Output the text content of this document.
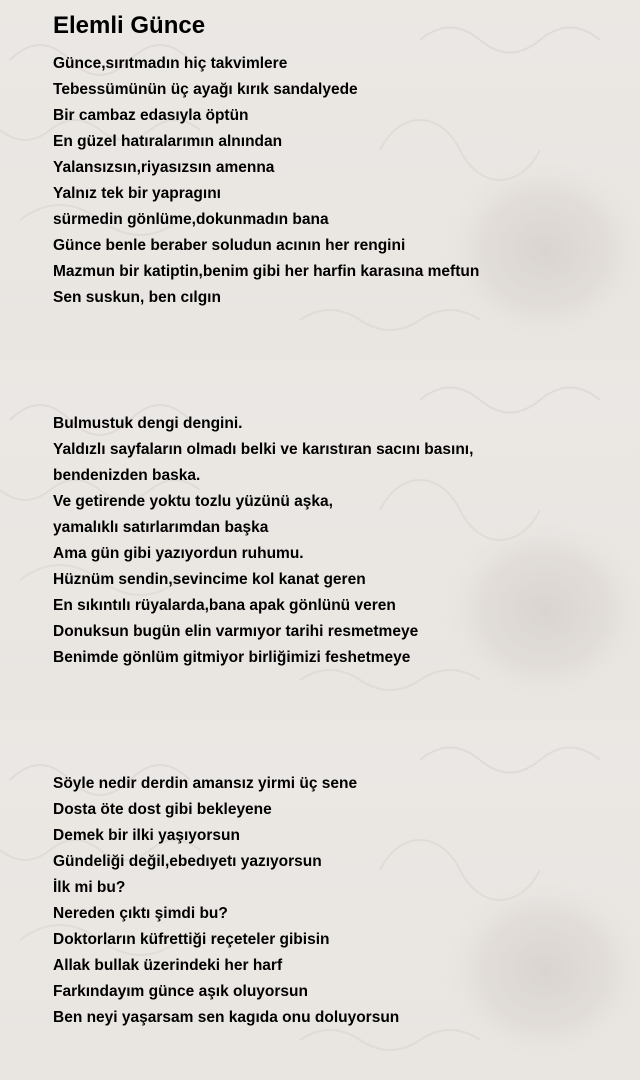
Elemli Günce
Günce,sırıtmadın hiç takvimlere
Tebessümünün üç ayağı kırık sandalyede
Bir cambaz edasıyla öptün
En güzel hatıralarımın alnından
Yalansızsın,riyasızsın amenna
Yalnız tek bir yapragını
sürmedin gönlüme,dokunmadın bana
Günce benle beraber soludun acının her rengini
Mazmun bir katiptin,benim gibi her harfin karasına meftun
Sen suskun, ben cılgın
Bulmustuk dengi dengini.
Yaldızlı sayfaların olmadı belki ve karıstıran sacını basını,
bendenizden baska.
Ve getirende yoktu tozlu yüzünü aşka,
yamalıklı satırlarımdan başka
Ama gün gibi yazıyordun ruhumu.
Hüznüm sendin,sevincime kol kanat geren
En sıkıntılı rüyalarda,bana apak gönlünü veren
Donuksun bugün elin varmıyor tarihi resmetmeye
Benimde gönlüm gitmiyor birliğimizi feshetmeye
Söyle nedir derdin amansız yirmi üç sene
Dosta öte dost gibi bekleyene
Demek bir ilki yaşıyorsun
Gündeliği değil,ebedıyetı yazıyorsun
İlk mi bu?
Nereden çıktı şimdi bu?
Doktorların küfrettiği reçeteler gibisin
Allak bullak üzerindeki her harf
Farkındayım günce aşık oluyorsun
Ben neyi yaşarsam sen kagıda onu doluyorsun
